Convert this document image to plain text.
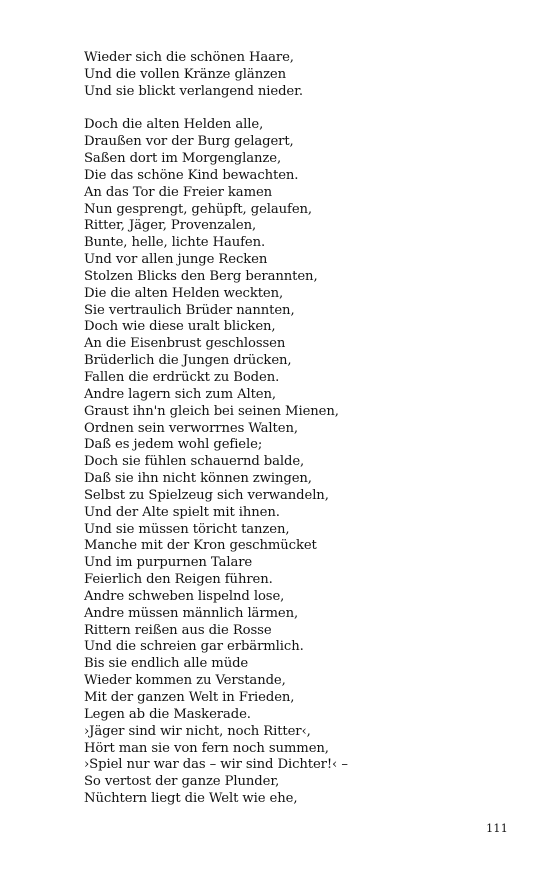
Wieder sich die schönen Haare,
Und die vollen Kränze glänzen
Und sie blickt verlangend nieder.
Doch die alten Helden alle,
Draußen vor der Burg gelagert,
Saßen dort im Morgenglanze,
Die das schöne Kind bewachten.
An das Tor die Freier kamen
Nun gesprengt, gehüpft, gelaufen,
Ritter, Jäger, Provenzalen,
Bunte, helle, lichte Haufen.
Und vor allen junge Recken
Stolzen Blicks den Berg berannten,
Die die alten Helden weckten,
Sie vertraulich Brüder nannten,
Doch wie diese uralt blicken,
An die Eisenbrust geschlossen
Brüderlich die Jungen drücken,
Fallen die erdrückt zu Boden.
Andre lagern sich zum Alten,
Graust ihn'n gleich bei seinen Mienen,
Ordnen sein verworrnes Walten,
Daß es jedem wohl gefiele;
Doch sie fühlen schauernd balde,
Daß sie ihn nicht können zwingen,
Selbst zu Spielzeug sich verwandeln,
Und der Alte spielt mit ihnen.
Und sie müssen töricht tanzen,
Manche mit der Kron geschmücket
Und im purpurnen Talare
Feierlich den Reigen führen.
Andre schweben lispelnd lose,
Andre müssen männlich lärmen,
Rittern reißen aus die Rosse
Und die schreien gar erbärmlich.
Bis sie endlich alle müde
Wieder kommen zu Verstande,
Mit der ganzen Welt in Frieden,
Legen ab die Maskerade.
›Jäger sind wir nicht, noch Ritter‹,
Hört man sie von fern noch summen,
›Spiel nur war das – wir sind Dichter!‹ –
So vertost der ganze Plunder,
Nüchtern liegt die Welt wie ehe,
111
